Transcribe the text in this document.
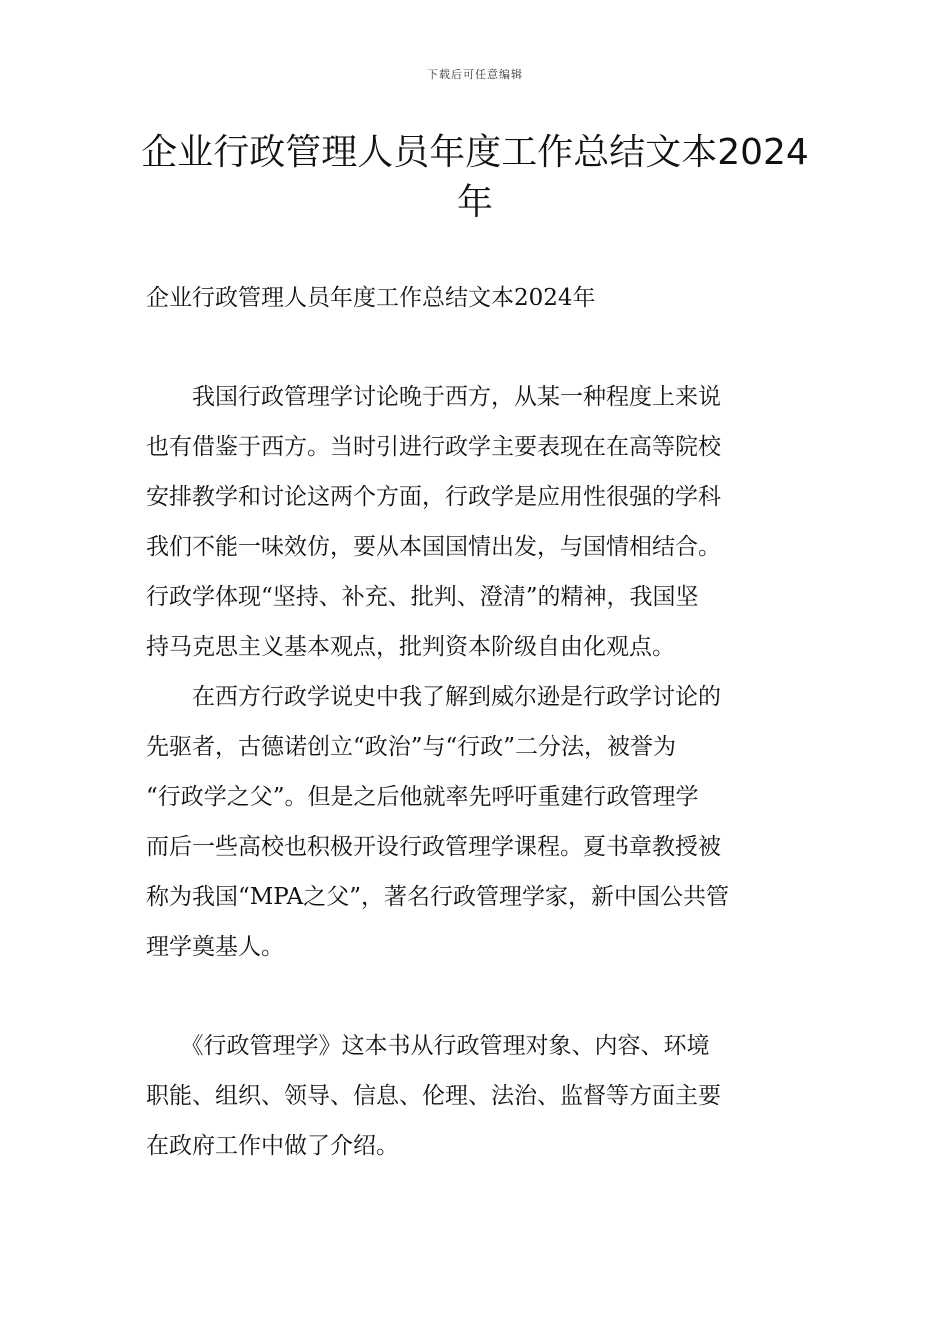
下载后可任意编辑
企业行政管理人员年度工作总结文本2024
年

企业行政管理人员年度工作总结文本2024年

　　我国行政管理学讨论晚于西方，从某一种程度上来说
也有借鉴于西方。当时引进行政学主要表现在在高等院校
安排教学和讨论这两个方面，行政学是应用性很强的学科
我们不能一味效仿，要从本国国情出发，与国情相结合。
行政学体现“坚持、补充、批判、澄清”的精神，我国坚
持马克思主义基本观点，批判资本阶级自由化观点。

　　在西方行政学说史中我了解到威尔逊是行政学讨论的
先驱者，古德诺创立“政治”与“行政”二分法，被誉为
“行政学之父”。但是之后他就率先呼吁重建行政管理学
而后一些高校也积极开设行政管理学课程。夏书章教授被
称为我国“MPA之父”，著名行政管理学家，新中国公共管
理学奠基人。

　　《行政管理学》这本书从行政管理对象、内容、环境
职能、组织、领导、信息、伦理、法治、监督等方面主要
在政府工作中做了介绍。
